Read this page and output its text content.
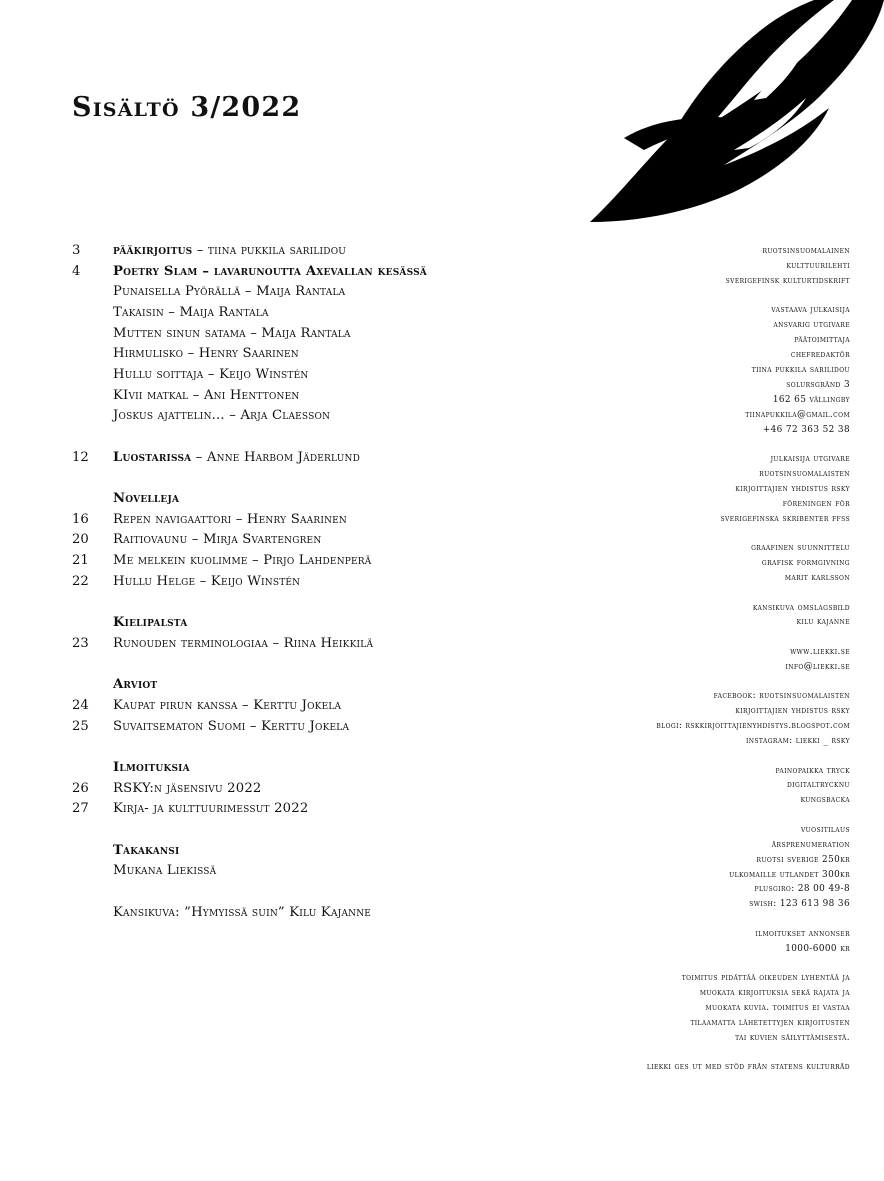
Sisältö 3/2022
3	pääkirjoitus – tiina pukkila sarilidou
4	Poetry Slam – lavarunoutta Axevallan kesässä
Punaisella Pyörällä – Maija Rantala
Takaisin – Maija Rantala
Mutten sinun satama – Maija Rantala
Hirmulisko – Henry Saarinen
Hullu soittaja – Keijo Winstén
KIvii matkal – Ani Henttonen
Joskus ajattelin... – Arja Claesson
12	Luostarissa – Anne Harbom Jäderlund
Novelleja
16	Repen navigaattori – Henry Saarinen
20	Raitiovaunu – Mirja Svartengren
21	Me melkein kuolimme – Pirjo Lahdenperä
22	Hullu Helge – Keijo Winstén
Kielipalsta
23	Runouden terminologiaa – Riina Heikkilä
Arviot
24	Kaupat pirun kanssa – Kerttu Jokela
25	Suvaitsematon Suomi – Kerttu Jokela
Ilmoituksia
26	RSKY:n jäsensivu 2022
27	Kirja- ja kulttuurimessut 2022
Takakansi
Mukana Liekissä
Kansikuva: ”Hymyissä suin” Kilu Kajanne
ruotsinsuomalainen
kulttuurilehti
sverigefinsk kulturtidskrift
vastaava julkaisija
ansvarig utgivare
päätoimittaja
chefredaktör
tiina pukkila sarilidou
solursgränd 3
162 65 vällingby
tiinapukkila@gmail.com
+46 72 363 52 38
julkaisija utgivare
ruotsinsuomalaisten
kirjoittajien yhdistus rsky
föreningen för
sverigefinska skribenter ffss
graafinen suunnittelu
grafisk formgivning
marit karlsson
kansikuva omslagsbild
kilu kajanne
www.liekki.se
info@liekki.se
facebook: ruotsinsuomalaisten
kirjoittajien yhdistus rsky
blogi: rskkirjoittajienyhdistys.blogspot.com
instagram: liekki _ rsky
painopaikka tryck
digitaltrycknu
kungsbacka
vuositilaus
årsprenumeration
ruotsi sverige 250kr
ulkomaille utlandet 300kr
plusgiro: 28 00 49-8
swish: 123 613 98 36
ilmoitukset annonser
1000-6000 kr
toimitus pidättää oikeuden lyhentää ja
muokata kirjoituksia sekä rajata ja
muokata kuvia. toimitus ei vastaa
tilaamatta lähetettyjen kirjoitusten
tai kuvien säilyttämisestä.
liekki ges ut med stöd från statens kulturråd
